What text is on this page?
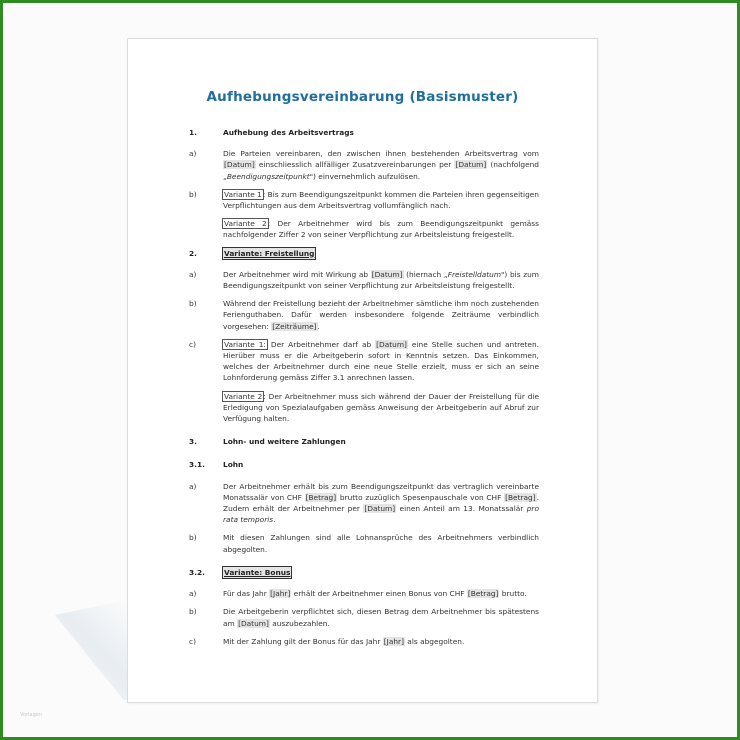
Vorlagen
Aufhebungsvereinbarung (Basismuster)
1.	Aufhebung des Arbeitsvertrags
a)	Die Parteien vereinbaren, den zwischen ihnen bestehenden Arbeitsvertrag vom [Datum] einschliesslich allfälliger Zusatzvereinbarungen per [Datum] (nachfolgend „Beendigungszeitpunkt") einvernehmlich aufzulösen.
b)	Variante 1: Bis zum Beendigungszeitpunkt kommen die Parteien ihren gegenseitigen Verpflichtungen aus dem Arbeitsvertrag vollumfänglich nach.
Variante 2: Der Arbeitnehmer wird bis zum Beendigungszeitpunkt gemäss nachfolgender Ziffer 2 von seiner Verpflichtung zur Arbeitsleistung freigestellt.
2.	Variante: Freistellung
a)	Der Arbeitnehmer wird mit Wirkung ab [Datum] (hiernach „Freistelldatum") bis zum Beendigungszeitpunkt von seiner Verpflichtung zur Arbeitsleistung freigestellt.
b)	Während der Freistellung bezieht der Arbeitnehmer sämtliche ihm noch zustehenden Ferienguthaben. Dafür werden insbesondere folgende Zeiträume verbindlich vorgesehen: [Zeiträume].
c)	Variante 1: Der Arbeitnehmer darf ab [Datum] eine Stelle suchen und antreten. Hierüber muss er die Arbeitgeberin sofort in Kenntnis setzen. Das Einkommen, welches der Arbeitnehmer durch eine neue Stelle erzielt, muss er sich an seine Lohnforderung gemäss Ziffer 3.1 anrechnen lassen.
Variante 2: Der Arbeitnehmer muss sich während der Dauer der Freistellung für die Erledigung von Spezialaufgaben gemäss Anweisung der Arbeitgeberin auf Abruf zur Verfügung halten.
3.	Lohn- und weitere Zahlungen
3.1.	Lohn
a)	Der Arbeitnehmer erhält bis zum Beendigungszeitpunkt das vertraglich vereinbarte Monatssalär von CHF [Betrag] brutto zuzüglich Spesenpauschale von CHF [Betrag]. Zudem erhält der Arbeitnehmer per [Datum] einen Anteil am 13. Monatssalär pro rata temporis.
b)	Mit diesen Zahlungen sind alle Lohnansprüche des Arbeitnehmers verbindlich abgegolten.
3.2.	Variante: Bonus
a)	Für das Jahr [Jahr] erhält der Arbeitnehmer einen Bonus von CHF [Betrag] brutto.
b)	Die Arbeitgeberin verpflichtet sich, diesen Betrag dem Arbeitnehmer bis spätestens am [Datum] auszubezahlen.
c)	Mit der Zahlung gilt der Bonus für das Jahr [Jahr] als abgegolten.
